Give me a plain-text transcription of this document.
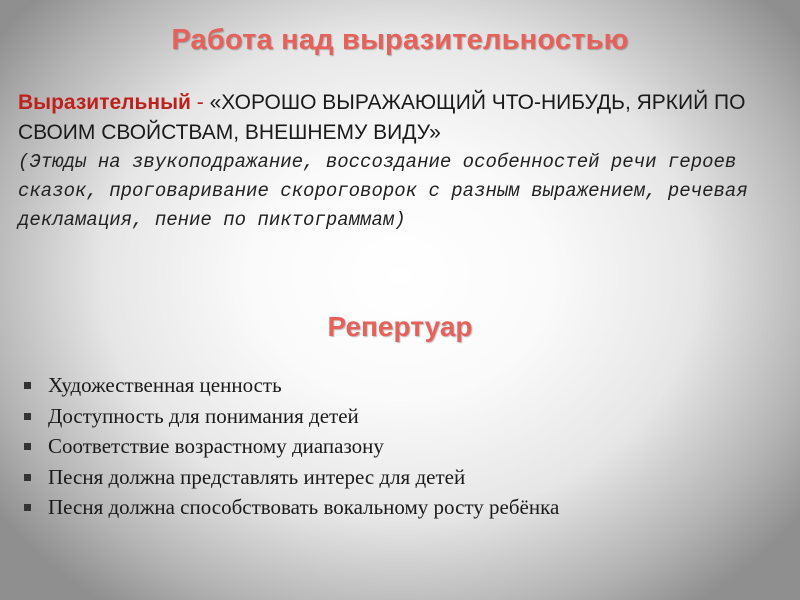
Работа над выразительностью
Выразительный - «ХОРОШО ВЫРАЖАЮЩИЙ ЧТО-НИБУДЬ, ЯРКИЙ ПО СВОИМ СВОЙСТВАМ, ВНЕШНЕМУ ВИДУ»
(Этюды на звукоподражание, воссоздание особенностей речи героев сказок, проговаривание скороговорок с разным выражением, речевая декламация, пение по пиктограммам)
Репертуар
Художественная ценность
Доступность для понимания детей
Соответствие возрастному диапазону
Песня должна представлять интерес для детей
Песня должна способствовать вокальному росту ребёнка
